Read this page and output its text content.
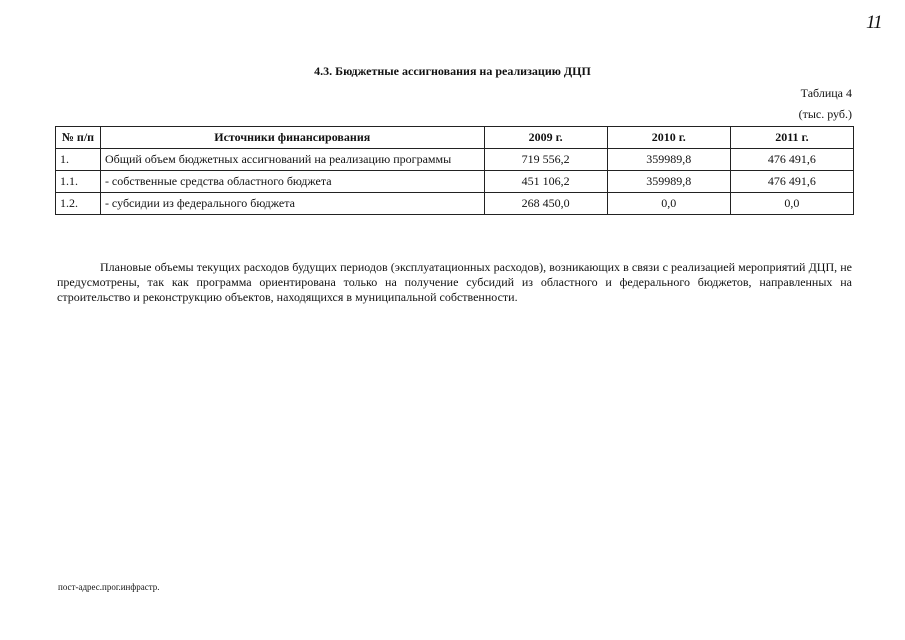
11
4.3. Бюджетные ассигнования на реализацию ДЦП
Таблица 4
(тыс. руб.)
№ п/п	Источники финансирования	2009 г.	2010 г.	2011 г.
1.	Общий объем бюджетных ассигнований на реализацию программы	719 556,2	359989,8	476 491,6
1.1.	- собственные средства областного бюджета	451 106,2	359989,8	476 491,6
1.2.	- субсидии из федерального бюджета	268 450,0	0,0	0,0

Плановые объемы текущих расходов будущих периодов (эксплуатационных расходов), возникающих в связи с реализацией мероприятий ДЦП, не предусмотрены, так как программа ориентирована только на получение субсидий из областного и федерального бюджетов, направленных на строительство и реконструкцию объектов, находящихся в муниципальной собственности.

пост-адрес.прог.инфрастр.
